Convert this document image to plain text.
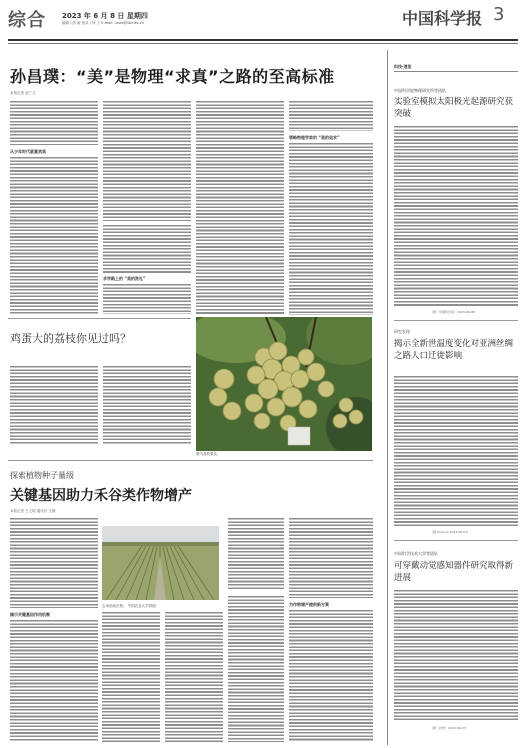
综合 2023 年 6 月 8 日 星期四
编辑 / 彭 丽 校对 / 何 工 E-mail: news@stimes.cn	中国科学报 3
孙昌璞：“美”是物理“求真”之路的至高标准
本报记者 赵广立
从少年时代就喜欢美
求学路上的 “美的洗礼”
领略物理学家的 “美的追求”
鸡蛋大的荔枝你见过吗？
图为荔枝果实。
探索植物种子量级
关键基因助力禾谷类作物增产
本报记者 王之明 通讯员 王静
揭示关键基因作用机制
玉米田间长势。 中国农业大学供图	为作物增产提供新方案
科技·速览
中国科学院物理研究所等团队
实验室模拟太阳极光起源研究获突破
（据《中国科学报》2023-06-08）
研究发现
揭示全新世温度变化对亚洲丝绸之路人口迁徙影响
（据 Science 2023-06-07）
中国科学技术大学等团队
可穿戴动觉感知器件研究取得新进展
（据《自然》2023-06-07）
